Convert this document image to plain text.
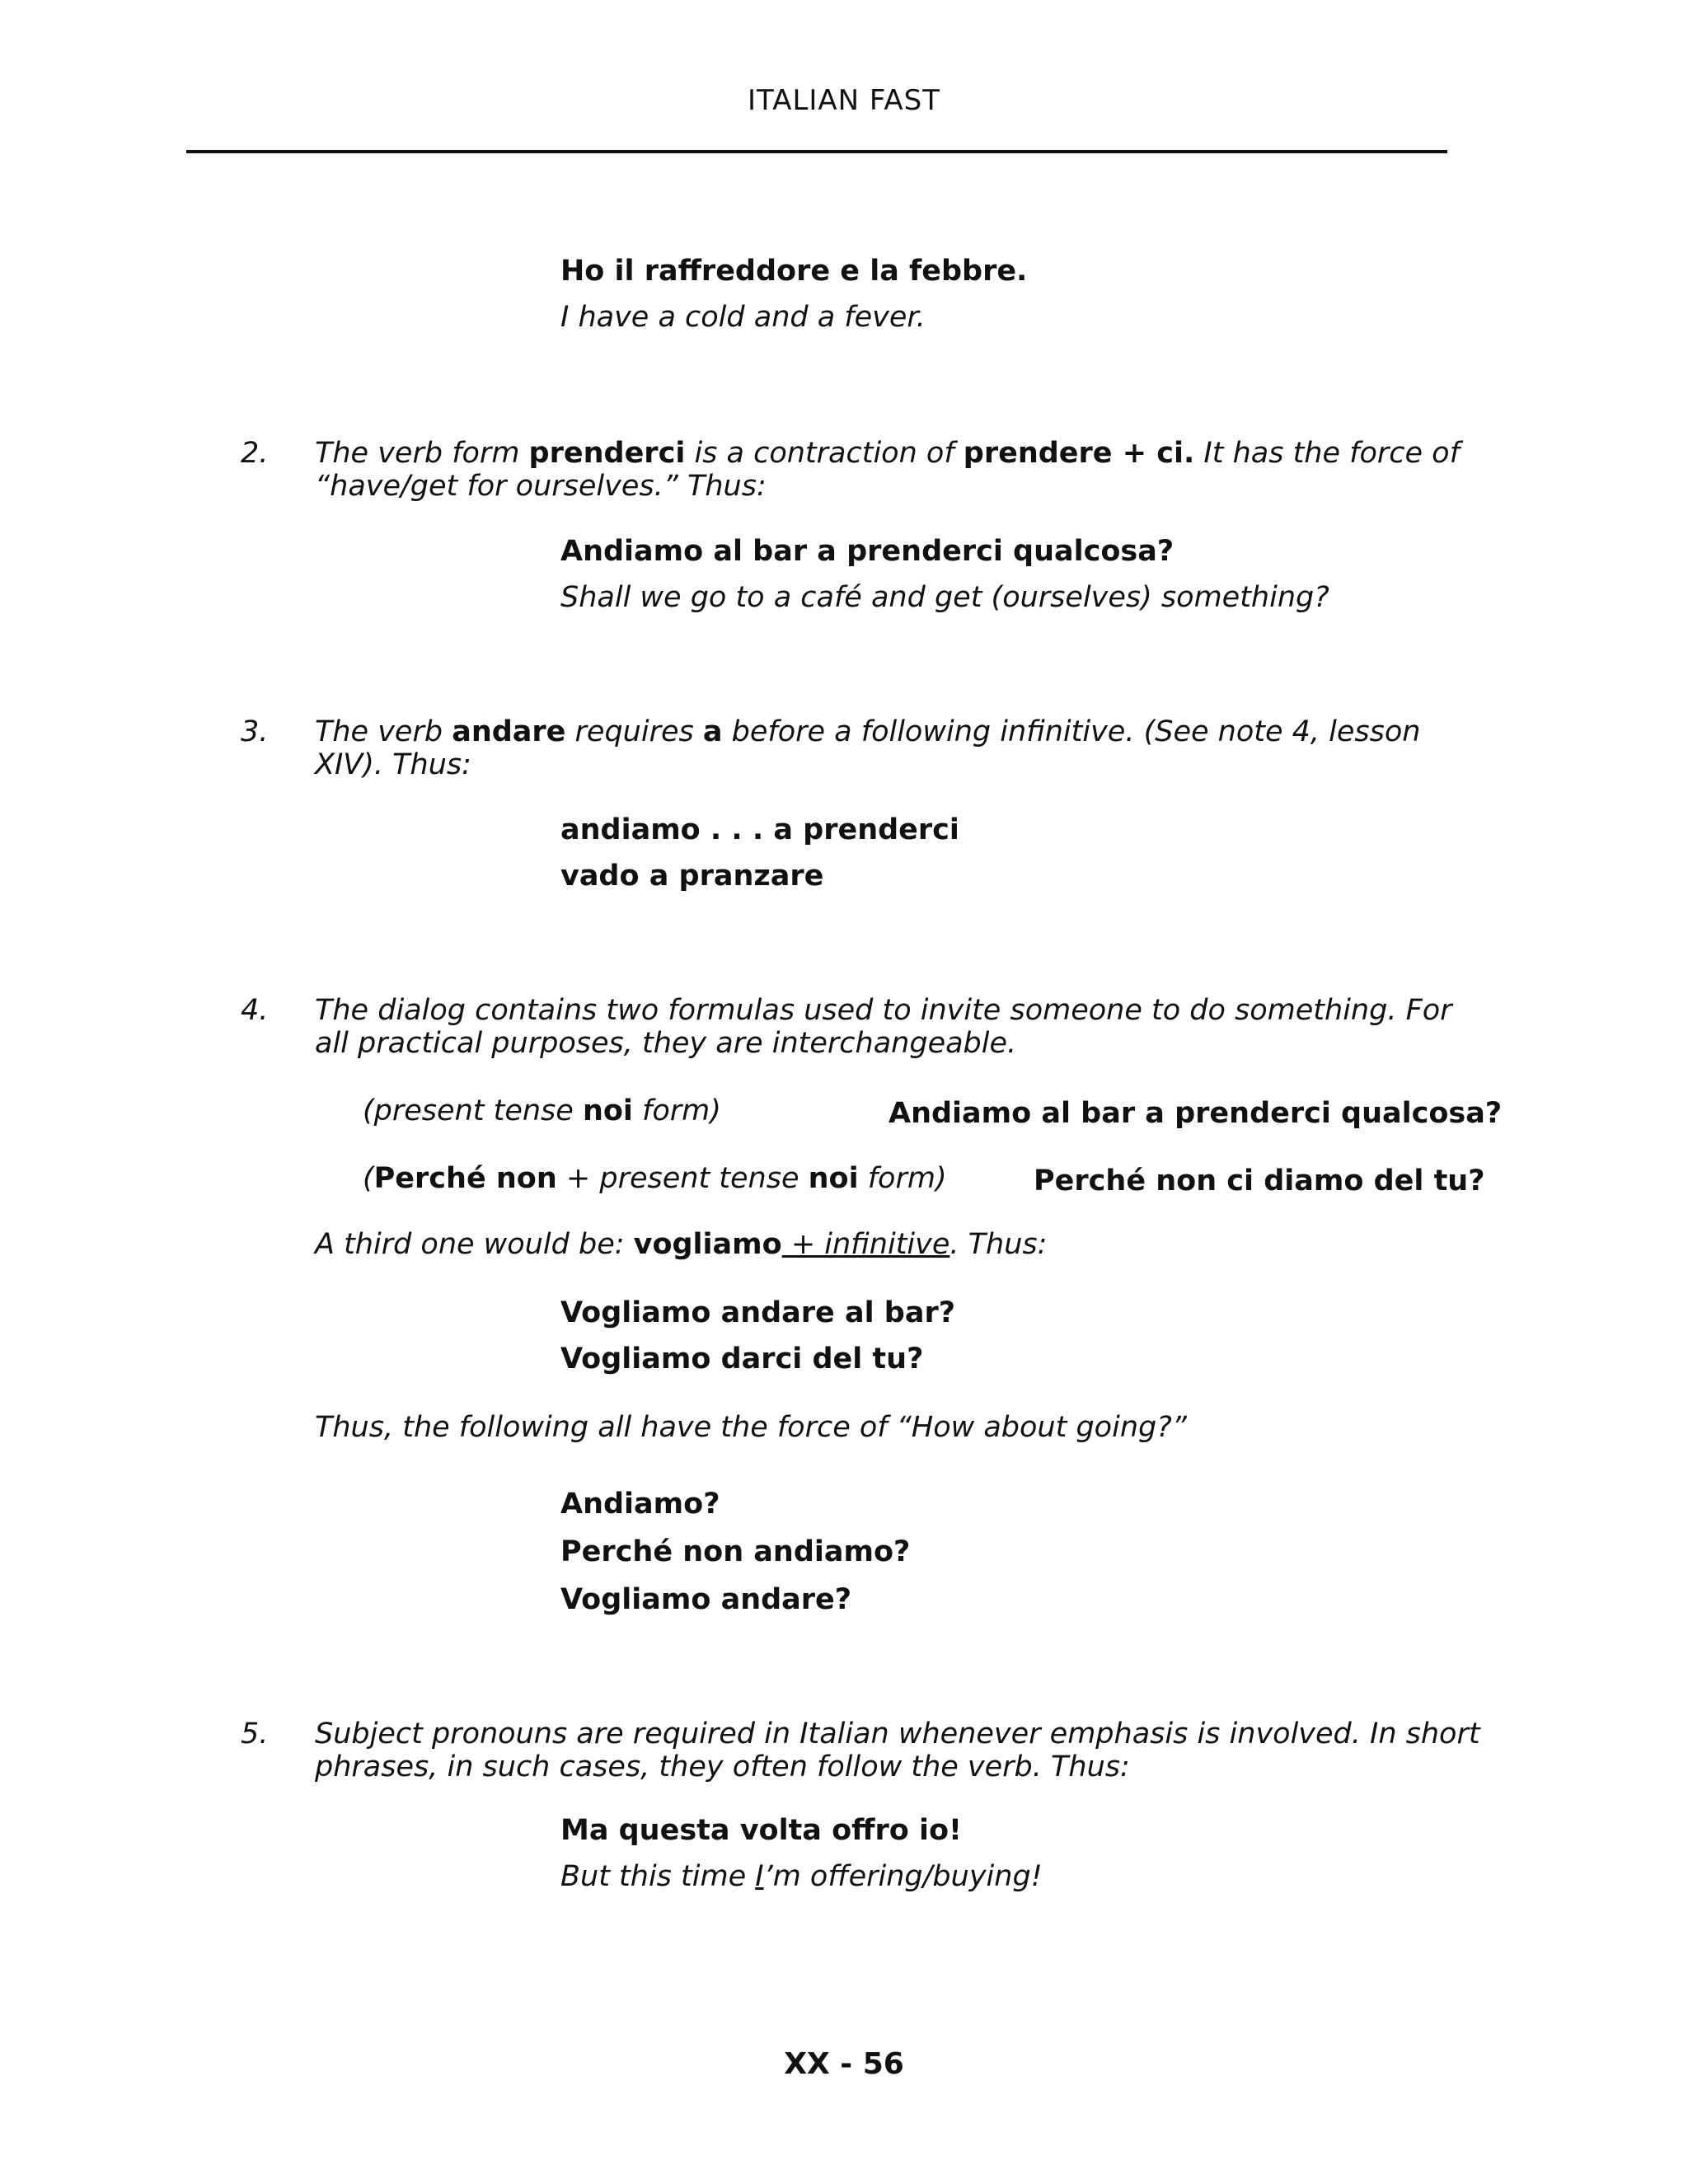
ITALIAN FAST
Ho il raffreddore e la febbre.
I have a cold and a fever.
2. The verb form prenderci is a contraction of prendere + ci. It has the force of “have/get for ourselves.” Thus:
Andiamo al bar a prenderci qualcosa?
Shall we go to a café and get (ourselves) something?
3. The verb andare requires a before a following infinitive. (See note 4, lesson XIV). Thus:
andiamo . . . a prenderci
vado a pranzare
4. The dialog contains two formulas used to invite someone to do something. For all practical purposes, they are interchangeable.
(present tense noi form)	Andiamo al bar a prenderci qualcosa?
(Perché non + present tense noi form)	Perché non ci diamo del tu?
A third one would be: vogliamo + infinitive. Thus:
Vogliamo andare al bar?
Vogliamo darci del tu?
Thus, the following all have the force of “How about going?”
Andiamo?
Perché non andiamo?
Vogliamo andare?
5. Subject pronouns are required in Italian whenever emphasis is involved. In short phrases, in such cases, they often follow the verb. Thus:
Ma questa volta offro io!
But this time I’m offering/buying!
XX - 56
